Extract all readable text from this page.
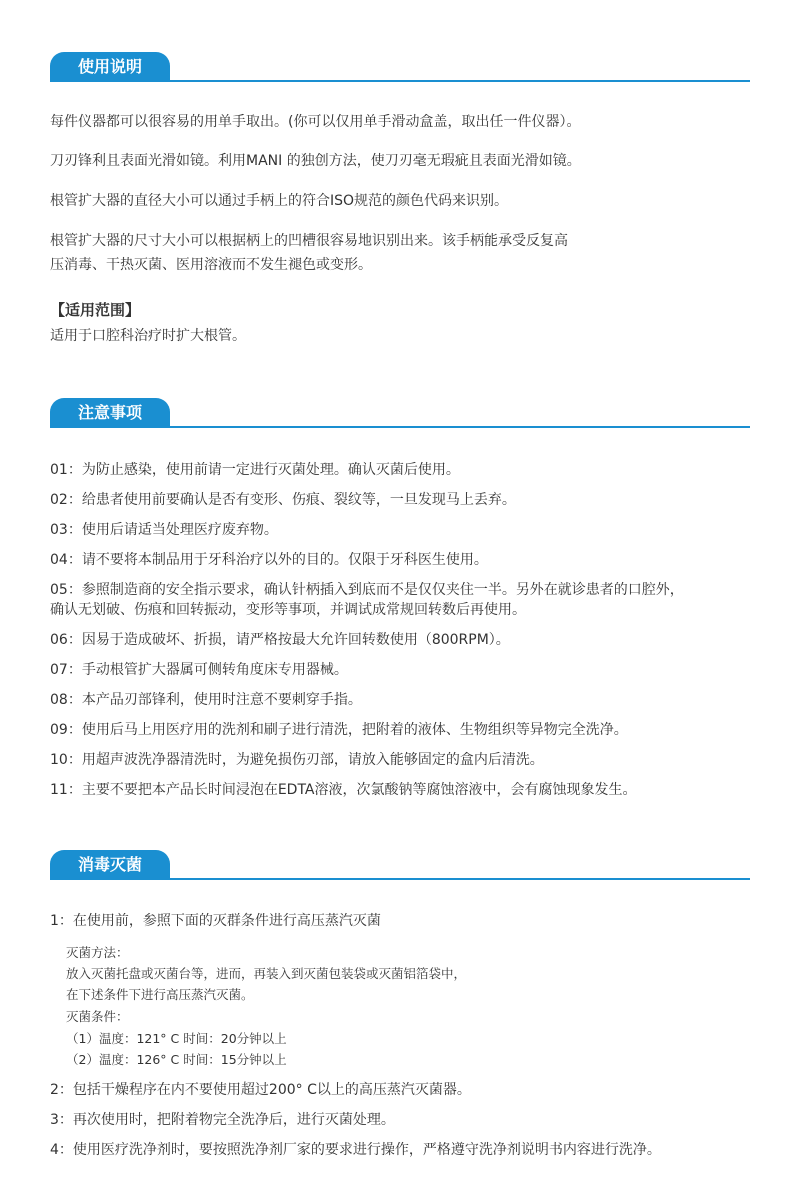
使用说明

每件仪器都可以很容易的用单手取出。(你可以仅用单手滑动盒盖，取出任一件仪器）。

刀刃锋利且表面光滑如镜。利用MANI 的独创方法，使刀刃毫无瑕疵且表面光滑如镜。

根管扩大器的直径大小可以通过手柄上的符合ISO规范的颜色代码来识别。

根管扩大器的尺寸大小可以根据柄上的凹槽很容易地识别出来。该手柄能承受反复高

压消毒、干热灭菌、医用溶液而不发生褪色或变形。

【适用范围】

适用于口腔科治疗时扩大根管。

注意事项

01：为防止感染，使用前请一定进行灭菌处理。确认灭菌后使用。

02：给患者使用前要确认是否有变形、伤痕、裂纹等，一旦发现马上丢弃。

03：使用后请适当处理医疗废弃物。

04：请不要将本制品用于牙科治疗以外的目的。仅限于牙科医生使用。

05：参照制造商的安全指示要求，确认针柄插入到底而不是仅仅夹住一半。另外在就诊患者的口腔外，

确认无划破、伤痕和回转振动，变形等事项，并调试成常规回转数后再使用。

06：因易于造成破坏、折损，请严格按最大允许回转数使用（800RPM）。

07：手动根管扩大器属可侧转角度床专用器械。

08：本产品刃部锋利，使用时注意不要刺穿手指。

09：使用后马上用医疗用的洗剂和刷子进行清洗，把附着的液体、生物组织等异物完全洗净。

10：用超声波洗净器清洗时，为避免损伤刃部，请放入能够固定的盒内后清洗。

11：主要不要把本产品长时间浸泡在EDTA溶液，次氯酸钠等腐蚀溶液中，会有腐蚀现象发生。

消毒灭菌

1：在使用前，参照下面的灭群条件进行高压蒸汽灭菌

灭菌方法：

放入灭菌托盘或灭菌台等，进而，再装入到灭菌包装袋或灭菌铝箔袋中，

在下述条件下进行高压蒸汽灭菌。

灭菌条件：

（1）温度：121° C 时间：20分钟以上

（2）温度：126° C 时间：15分钟以上

2：包括干燥程序在内不要使用超过200° C以上的高压蒸汽灭菌器。

3：再次使用时，把附着物完全洗净后，进行灭菌处理。

4：使用医疗洗净剂时，要按照洗净剂厂家的要求进行操作，严格遵守洗净剂说明书内容进行洗净。
